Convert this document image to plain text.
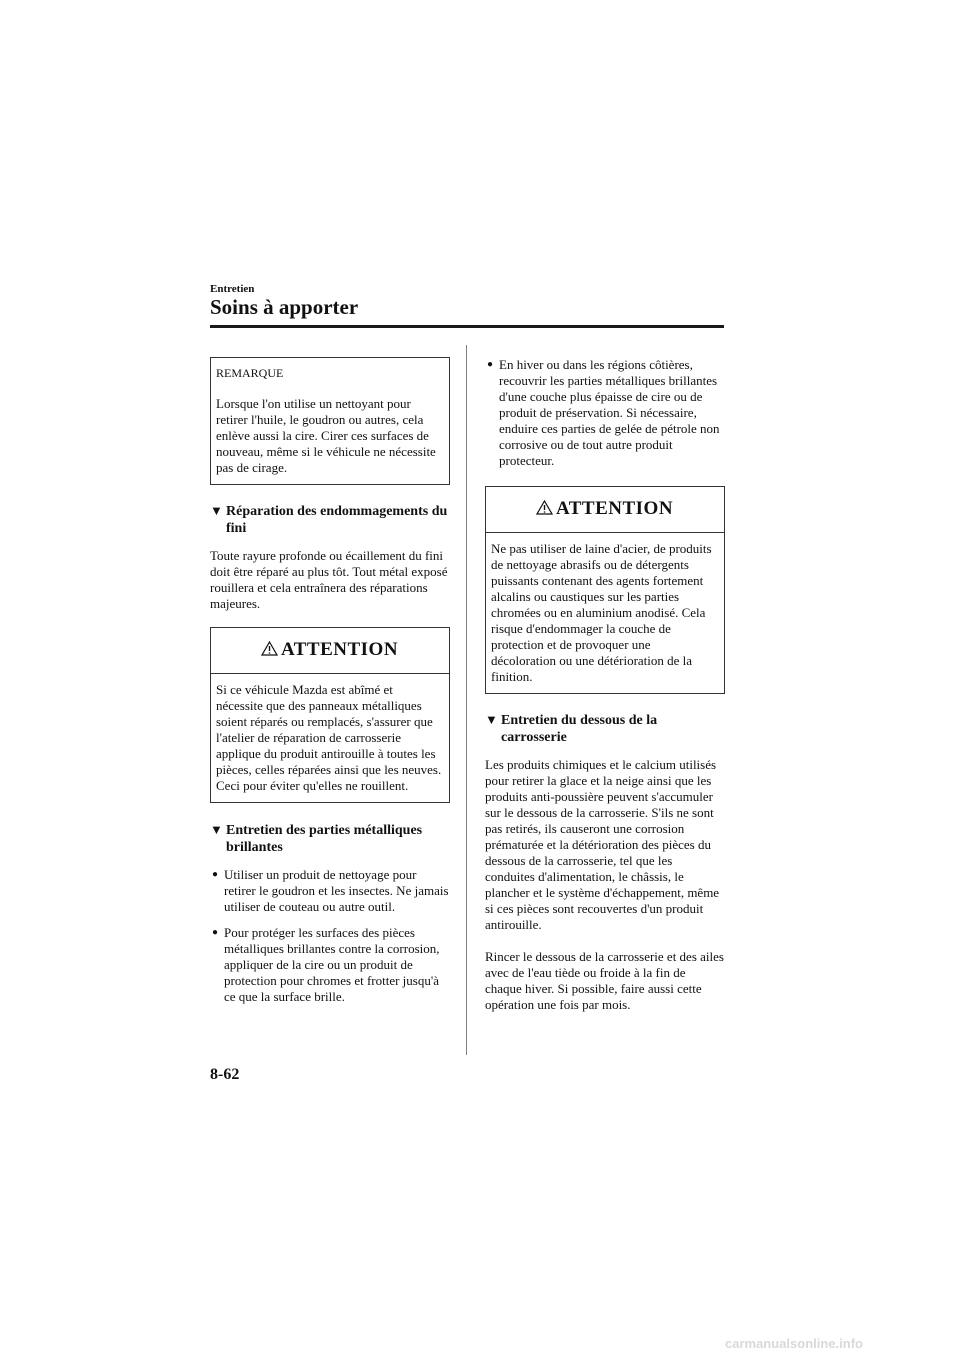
Entretien
Soins à apporter
REMARQUE

Lorsque l'on utilise un nettoyant pour retirer l'huile, le goudron ou autres, cela enlève aussi la cire. Cirer ces surfaces de nouveau, même si le véhicule ne nécessite pas de cirage.

▼ Réparation des endommagements du fini

Toute rayure profonde ou écaillement du fini doit être réparé au plus tôt. Tout métal exposé rouillera et cela entraînera des réparations majeures.

ATTENTION

Si ce véhicule Mazda est abîmé et nécessite que des panneaux métalliques soient réparés ou remplacés, s'assurer que l'atelier de réparation de carrosserie applique du produit antirouille à toutes les pièces, celles réparées ainsi que les neuves. Ceci pour éviter qu'elles ne rouillent.

▼ Entretien des parties métalliques brillantes
● Utiliser un produit de nettoyage pour retirer le goudron et les insectes. Ne jamais utiliser de couteau ou autre outil.
● Pour protéger les surfaces des pièces métalliques brillantes contre la corrosion, appliquer de la cire ou un produit de protection pour chromes et frotter jusqu'à ce que la surface brille.
● En hiver ou dans les régions côtières, recouvrir les parties métalliques brillantes d'une couche plus épaisse de cire ou de produit de préservation. Si nécessaire, enduire ces parties de gelée de pétrole non corrosive ou de tout autre produit protecteur.
ATTENTION

Ne pas utiliser de laine d'acier, de produits de nettoyage abrasifs ou de détergents puissants contenant des agents fortement alcalins ou caustiques sur les parties chromées ou en aluminium anodisé. Cela risque d'endommager la couche de protection et de provoquer une décoloration ou une détérioration de la finition.

▼ Entretien du dessous de la carrosserie

Les produits chimiques et le calcium utilisés pour retirer la glace et la neige ainsi que les produits anti-poussière peuvent s'accumuler sur le dessous de la carrosserie. S'ils ne sont pas retirés, ils causeront une corrosion prématurée et la détérioration des pièces du dessous de la carrosserie, tel que les conduites d'alimentation, le châssis, le plancher et le système d'échappement, même si ces pièces sont recouvertes d'un produit antirouille.

Rincer le dessous de la carrosserie et des ailes avec de l'eau tiède ou froide à la fin de chaque hiver. Si possible, faire aussi cette opération une fois par mois.

8-62
carmanualsonline.info
